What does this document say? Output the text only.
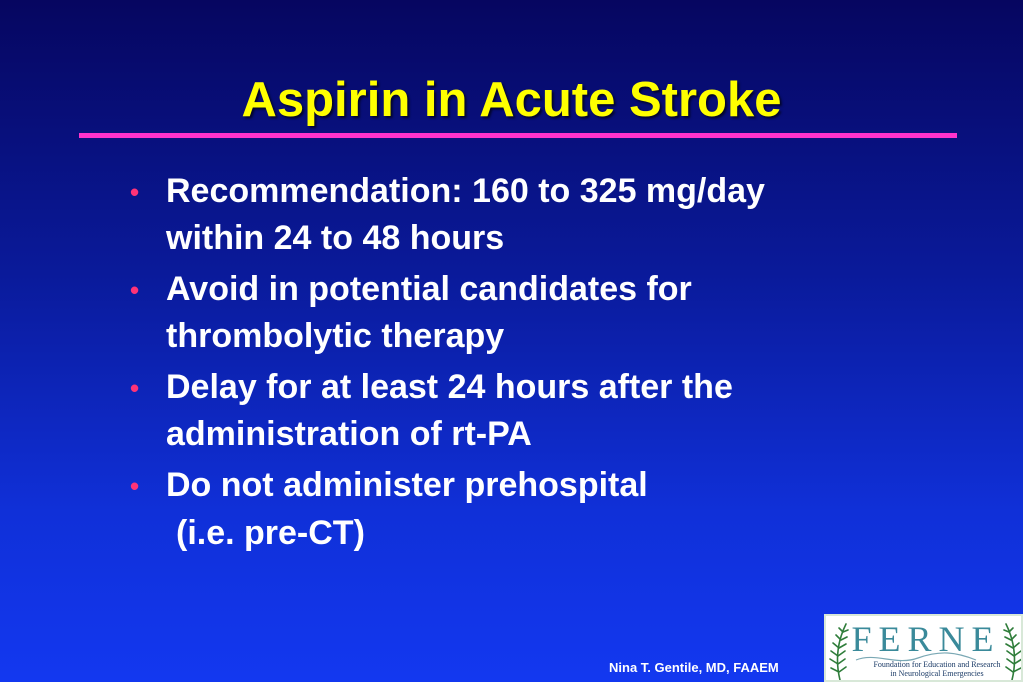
Aspirin in Acute Stroke
• Recommendation: 160 to 325 mg/day
within 24 to 48 hours
• Avoid in potential candidates for
thrombolytic therapy
• Delay for at least 24 hours after the
administration of rt-PA
• Do not administer prehospital
(i.e. pre-CT)
Nina T. Gentile, MD, FAAEM
FERNE
Foundation for Education and Research
in Neurological Emergencies
